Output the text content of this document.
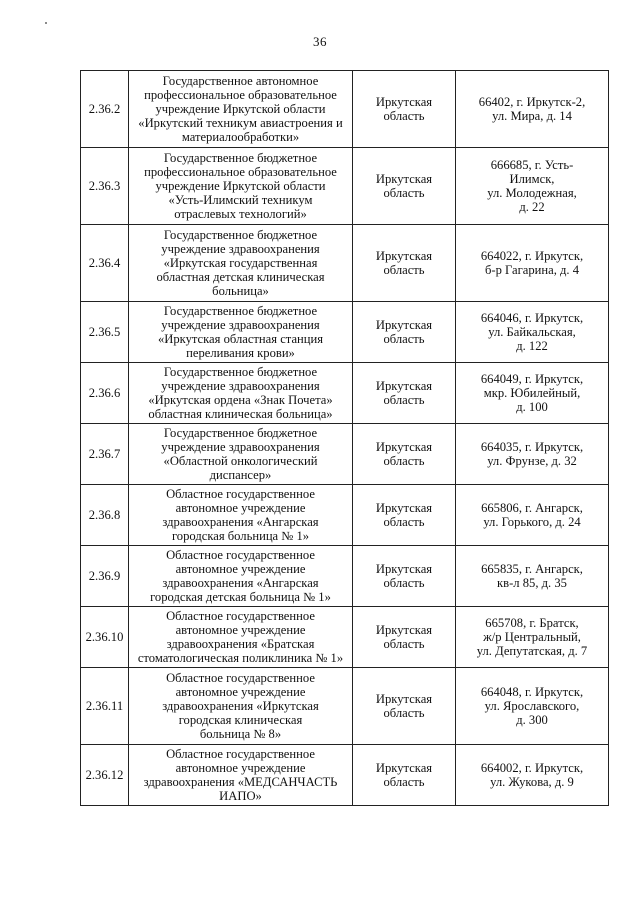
36
2.36.2	Государственное автономное
профессиональное образовательное
учреждение Иркутской области
«Иркутский техникум авиастроения и
материалообработки»	Иркутская
область	66402, г. Иркутск-2,
ул. Мира, д. 14

2.36.3	Государственное бюджетное
профессиональное образовательное
учреждение Иркутской области
«Усть-Илимский техникум
отраслевых технологий»	Иркутская
область	666685, г. Усть-
Илимск,
ул. Молодежная,
д. 22

2.36.4	Государственное бюджетное
учреждение здравоохранения
«Иркутская государственная
областная детская клиническая
больница»	Иркутская
область	664022, г. Иркутск,
б-р Гагарина, д. 4

2.36.5	Государственное бюджетное
учреждение здравоохранения
«Иркутская областная станция
переливания крови»	Иркутская
область	664046, г. Иркутск,
ул. Байкальская,
д. 122

2.36.6	Государственное бюджетное
учреждение здравоохранения
«Иркутская ордена «Знак Почета»
областная клиническая больница»	Иркутская
область	664049, г. Иркутск,
мкр. Юбилейный,
д. 100

2.36.7	Государственное бюджетное
учреждение здравоохранения
«Областной онкологический
диспансер»	Иркутская
область	664035, г. Иркутск,
ул. Фрунзе, д. 32

2.36.8	Областное государственное
автономное учреждение
здравоохранения «Ангарская
городская больница № 1»	Иркутская
область	665806, г. Ангарск,
ул. Горького, д. 24

2.36.9	Областное государственное
автономное учреждение
здравоохранения «Ангарская
городская детская больница № 1»	Иркутская
область	665835, г. Ангарск,
кв-л 85, д. 35

2.36.10	Областное государственное
автономное учреждение
здравоохранения «Братская
стоматологическая поликлиника № 1»	Иркутская
область	665708, г. Братск,
ж/р Центральный,
ул. Депутатская, д. 7

2.36.11	Областное государственное
автономное учреждение
здравоохранения «Иркутская
городская клиническая
больница № 8»	Иркутская
область	664048, г. Иркутск,
ул. Ярославского,
д. 300

2.36.12	Областное государственное
автономное учреждение
здравоохранения «МЕДСАНЧАСТЬ
ИАПО»	Иркутская
область	664002, г. Иркутск,
ул. Жукова, д. 9
